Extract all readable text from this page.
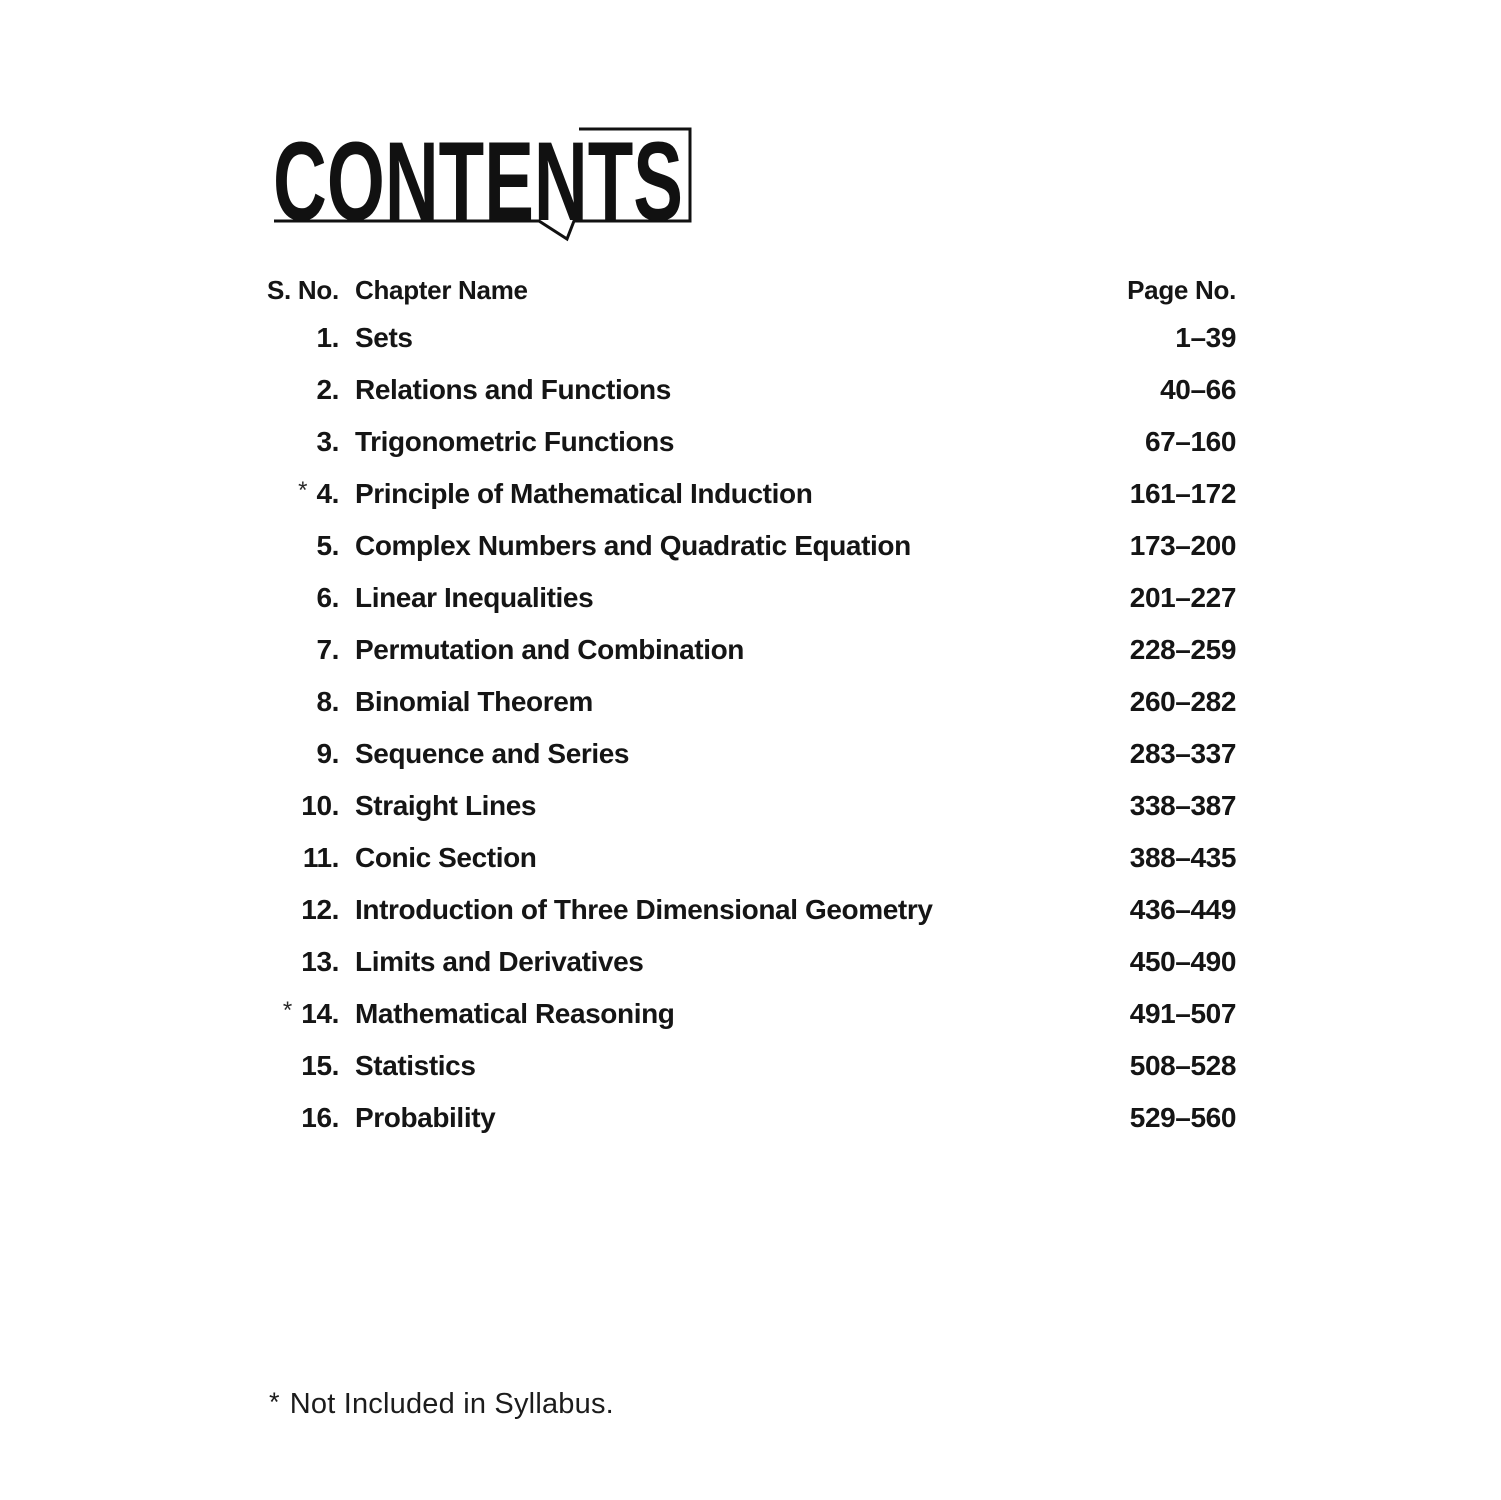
CONTENTS
S. No. Chapter Name	Page No.
1. Sets	1–39
2. Relations and Functions	40–66
3. Trigonometric Functions	67–160
* 4. Principle of Mathematical Induction	161–172
5. Complex Numbers and Quadratic Equation	173–200
6. Linear Inequalities	201–227
7. Permutation and Combination	228–259
8. Binomial Theorem	260–282
9. Sequence and Series	283–337
10. Straight Lines	338–387
11. Conic Section	388–435
12. Introduction of Three Dimensional Geometry	436–449
13. Limits and Derivatives	450–490
* 14. Mathematical Reasoning	491–507
15. Statistics	508–528
16. Probability	529–560
* Not Included in Syllabus.
